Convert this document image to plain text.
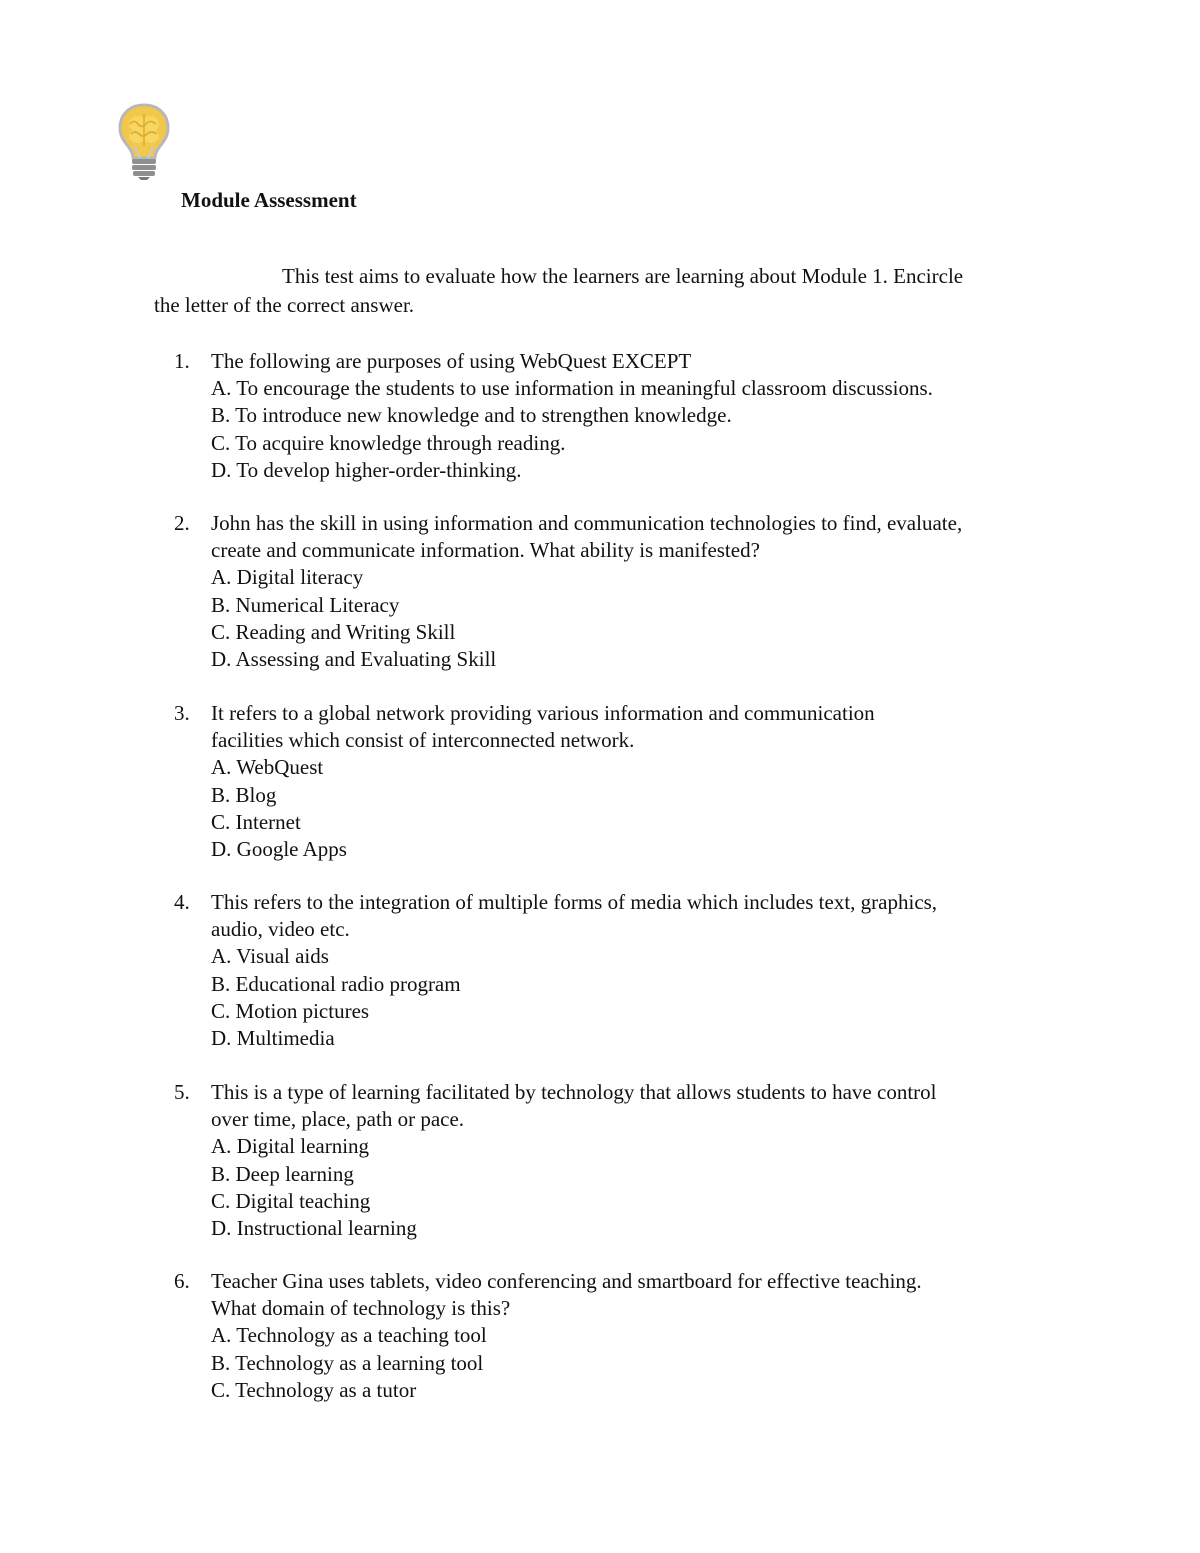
Module Assessment
This test aims to evaluate how the learners are learning about Module 1. Encircle
the letter of the correct answer.
1. The following are purposes of using WebQuest EXCEPT
A. To encourage the students to use information in meaningful classroom discussions.
B. To introduce new knowledge and to strengthen knowledge.
C. To acquire knowledge through reading.
D. To develop higher-order-thinking.
2. John has the skill in using information and communication technologies to find, evaluate,
create and communicate information. What ability is manifested?
A. Digital literacy
B. Numerical Literacy
C. Reading and Writing Skill
D. Assessing and Evaluating Skill
3. It refers to a global network providing various information and communication
facilities which consist of interconnected network.
A. WebQuest
B. Blog
C. Internet
D. Google Apps
4. This refers to the integration of multiple forms of media which includes text, graphics,
audio, video etc.
A. Visual aids
B. Educational radio program
C. Motion pictures
D. Multimedia
5. This is a type of learning facilitated by technology that allows students to have control
over time, place, path or pace.
A. Digital learning
B. Deep learning
C. Digital teaching
D. Instructional learning
6. Teacher Gina uses tablets, video conferencing and smartboard for effective teaching.
What domain of technology is this?
A. Technology as a teaching tool
B. Technology as a learning tool
C. Technology as a tutor
